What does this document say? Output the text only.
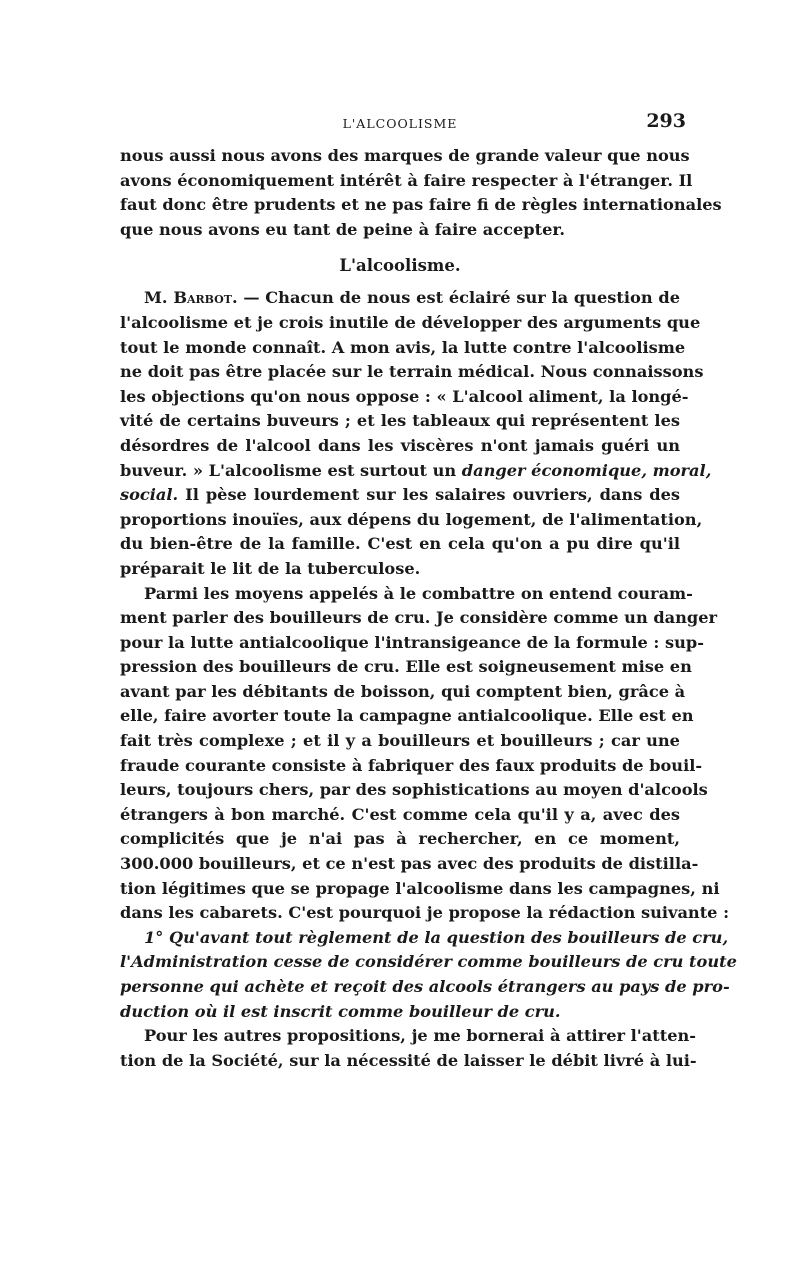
L'ALCOOLISME	293
nous aussi nous avons des marques de grande valeur que nous
avons économiquement intérêt à faire respecter à l'étranger. Il
faut donc être prudents et ne pas faire fi de règles internationales
que nous avons eu tant de peine à faire accepter.
L'alcoolisme.
M. Barbot. — Chacun de nous est éclairé sur la question de
l'alcoolisme et je crois inutile de développer des arguments que
tout le monde connaît. A mon avis, la lutte contre l'alcoolisme
ne doit pas être placée sur le terrain médical. Nous connaissons
les objections qu'on nous oppose : « L'alcool aliment, la longé-
vité de certains buveurs ; et les tableaux qui représentent les
désordres de l'alcool dans les viscères n'ont jamais guéri un
buveur. » L'alcoolisme est surtout un danger économique, moral,
social. Il pèse lourdement sur les salaires ouvriers, dans des
proportions inouïes, aux dépens du logement, de l'alimentation,
du bien-être de la famille. C'est en cela qu'on a pu dire qu'il
préparait le lit de la tuberculose.
Parmi les moyens appelés à le combattre on entend couram-
ment parler des bouilleurs de cru. Je considère comme un danger
pour la lutte antialcoolique l'intransigeance de la formule : sup-
pression des bouilleurs de cru. Elle est soigneusement mise en
avant par les débitants de boisson, qui comptent bien, grâce à
elle, faire avorter toute la campagne antialcoolique. Elle est en
fait très complexe ; et il y a bouilleurs et bouilleurs ; car une
fraude courante consiste à fabriquer des faux produits de bouil-
leurs, toujours chers, par des sophistications au moyen d'alcools
étrangers à bon marché. C'est comme cela qu'il y a, avec des
complicités que je n'ai pas à rechercher, en ce moment,
300.000 bouilleurs, et ce n'est pas avec des produits de distilla-
tion légitimes que se propage l'alcoolisme dans les campagnes, ni
dans les cabarets. C'est pourquoi je propose la rédaction suivante :
1° Qu'avant tout règlement de la question des bouilleurs de cru,
l'Administration cesse de considérer comme bouilleurs de cru toute
personne qui achète et reçoit des alcools étrangers au pays de pro-
duction où il est inscrit comme bouilleur de cru.
Pour les autres propositions, je me bornerai à attirer l'atten-
tion de la Société, sur la nécessité de laisser le débit livré à lui-
